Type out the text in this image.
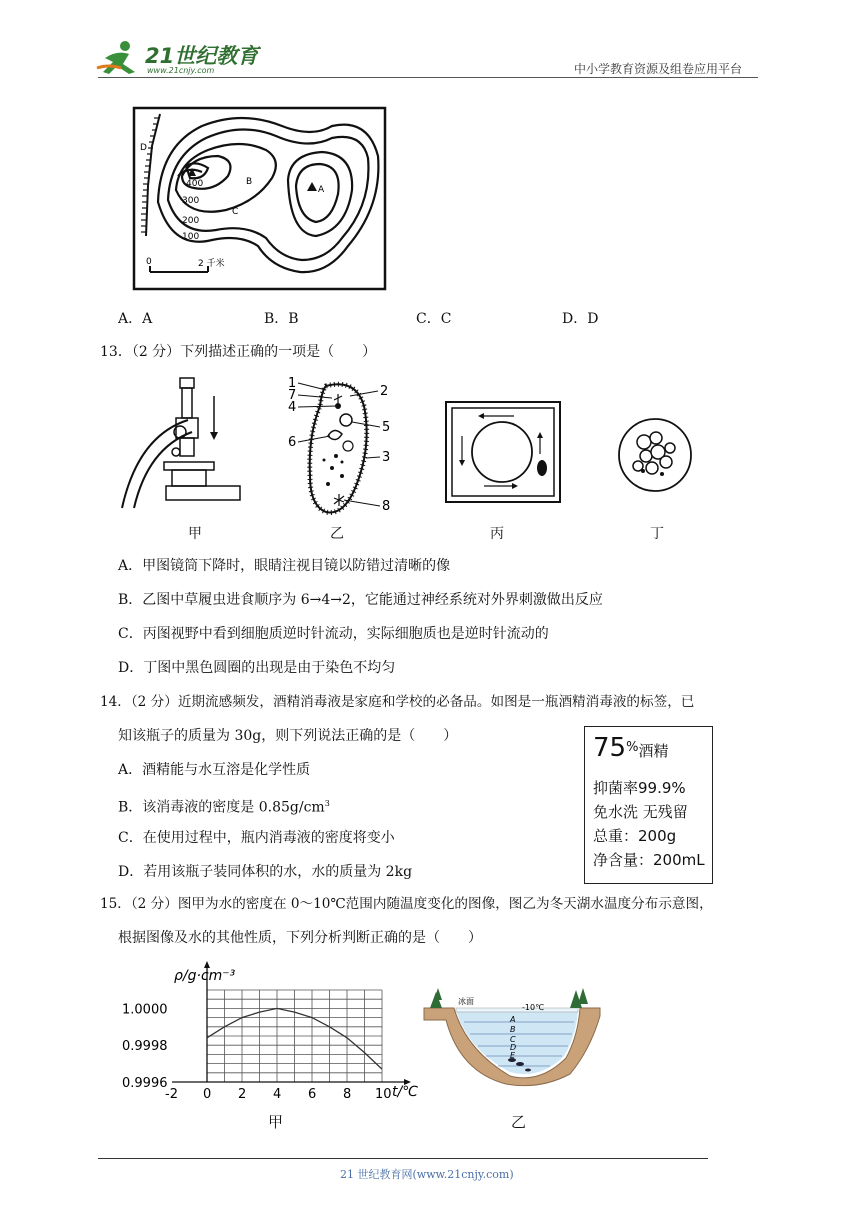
21世纪教育
www.21cnjy.com	中小学教育资源及组卷应用平台
D
400	B
A
C
300
200
100
0	2 千米
A．A	B．B	C．C	D．D
13．（2 分）下列描述正确的一项是（　　）
1
7
4
6
2
5
3
8
甲	乙	丙	丁
A．甲图镜筒下降时，眼睛注视目镜以防错过清晰的像
B．乙图中草履虫进食顺序为 6→4→2，它能通过神经系统对外界刺激做出反应
C．丙图视野中看到细胞质逆时针流动，实际细胞质也是逆时针流动的
D．丁图中黑色圆圈的出现是由于染色不均匀
14．（2 分）近期流感频发，酒精消毒液是家庭和学校的必备品。如图是一瓶酒精消毒液的标签，已
知该瓶子的质量为 30g，则下列说法正确的是（　　）
A．酒精能与水互溶是化学性质
B．该消毒液的密度是 $0.85g/cm^3$
C．在使用过程中，瓶内消毒液的密度将变小
D．若用该瓶子装同体积的水，水的质量为 2kg
75%酒精
抑菌率99.9%
免水洗 无残留
总重：200g
净含量：200mL
15．（2 分）图甲为水的密度在 0～10℃范围内随温度变化的图像，图乙为冬天湖水温度分布示意图，
根据图像及水的其他性质，下列分析判断正确的是（　　）
-2 0 2 4 6 8 10
0.9996
0.9998
1.0000
ρ/g·cm⁻³
t/℃
冰面
-10℃
A
B
C
D
E
甲	乙
21 世纪教育网(www.21cnjy.com)
